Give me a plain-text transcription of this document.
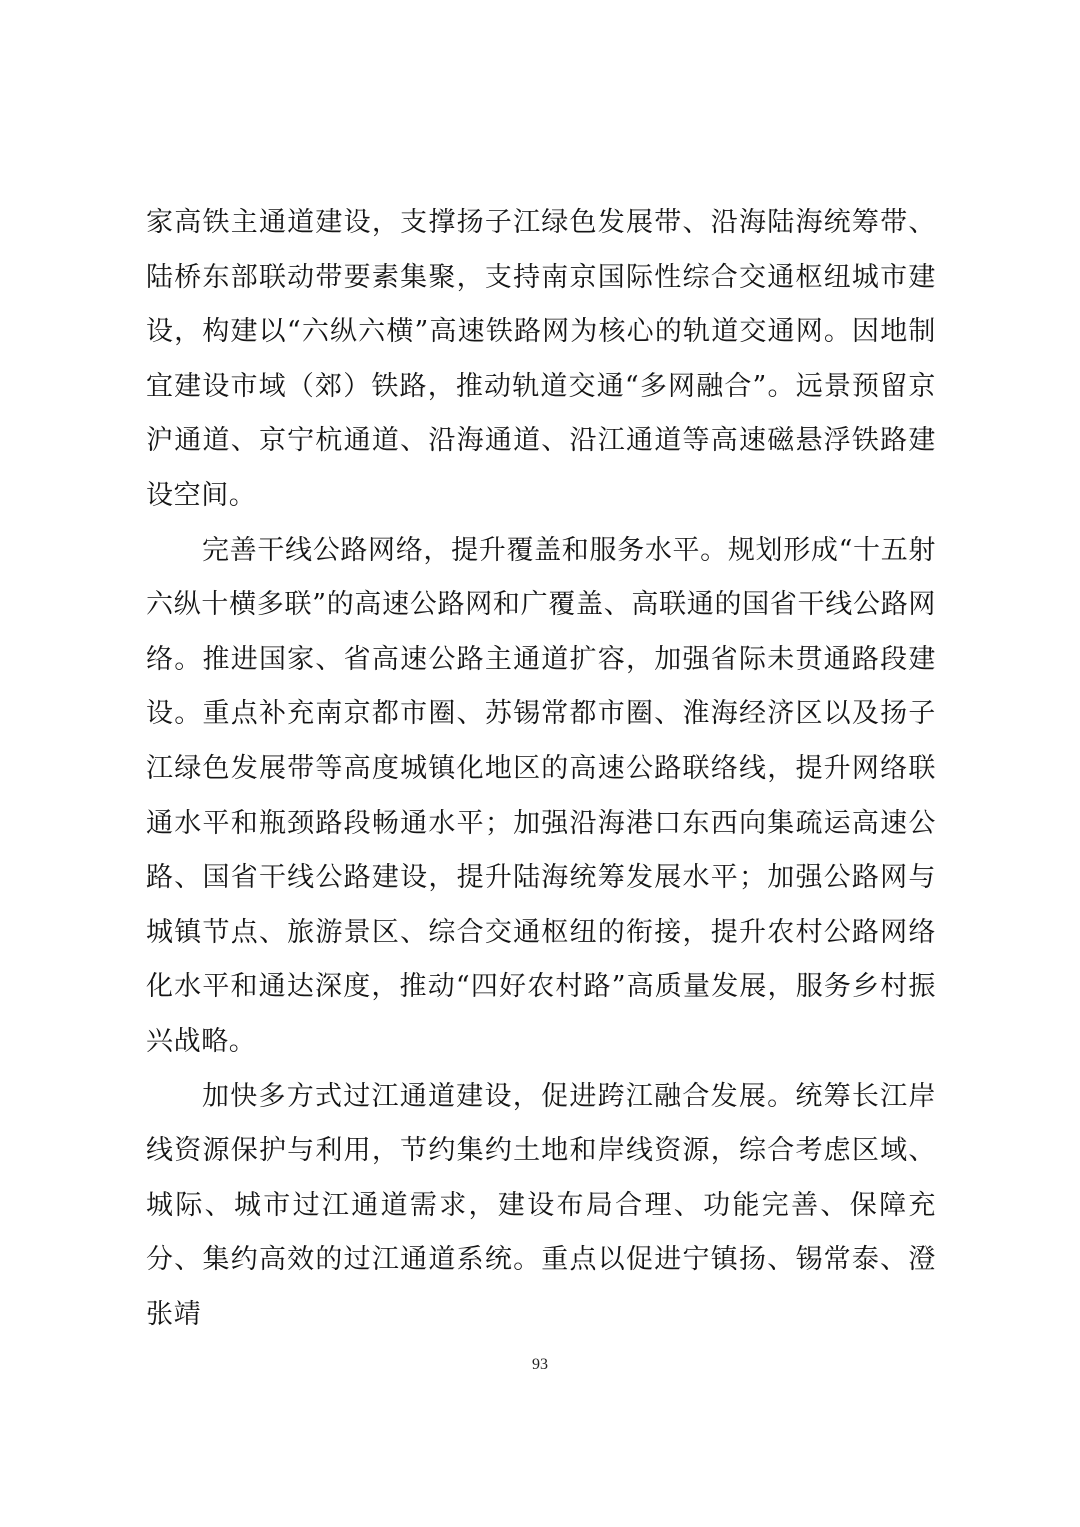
家高铁主通道建设，支撑扬子江绿色发展带、沿海陆海统筹带、陆桥东部联动带要素集聚，支持南京国际性综合交通枢纽城市建设，构建以“六纵六横”高速铁路网为核心的轨道交通网。因地制宜建设市域（郊）铁路，推动轨道交通“多网融合”。远景预留京沪通道、京宁杭通道、沿海通道、沿江通道等高速磁悬浮铁路建设空间。

完善干线公路网络，提升覆盖和服务水平。规划形成“十五射六纵十横多联”的高速公路网和广覆盖、高联通的国省干线公路网络。推进国家、省高速公路主通道扩容，加强省际未贯通路段建设。重点补充南京都市圈、苏锡常都市圈、淮海经济区以及扬子江绿色发展带等高度城镇化地区的高速公路联络线，提升网络联通水平和瓶颈路段畅通水平；加强沿海港口东西向集疏运高速公路、国省干线公路建设，提升陆海统筹发展水平；加强公路网与城镇节点、旅游景区、综合交通枢纽的衔接，提升农村公路网络化水平和通达深度，推动“四好农村路”高质量发展，服务乡村振兴战略。

加快多方式过江通道建设，促进跨江融合发展。统筹长江岸线资源保护与利用，节约集约土地和岸线资源，综合考虑区域、城际、城市过江通道需求，建设布局合理、功能完善、保障充分、集约高效的过江通道系统。重点以促进宁镇扬、锡常泰、澄张靖

93
